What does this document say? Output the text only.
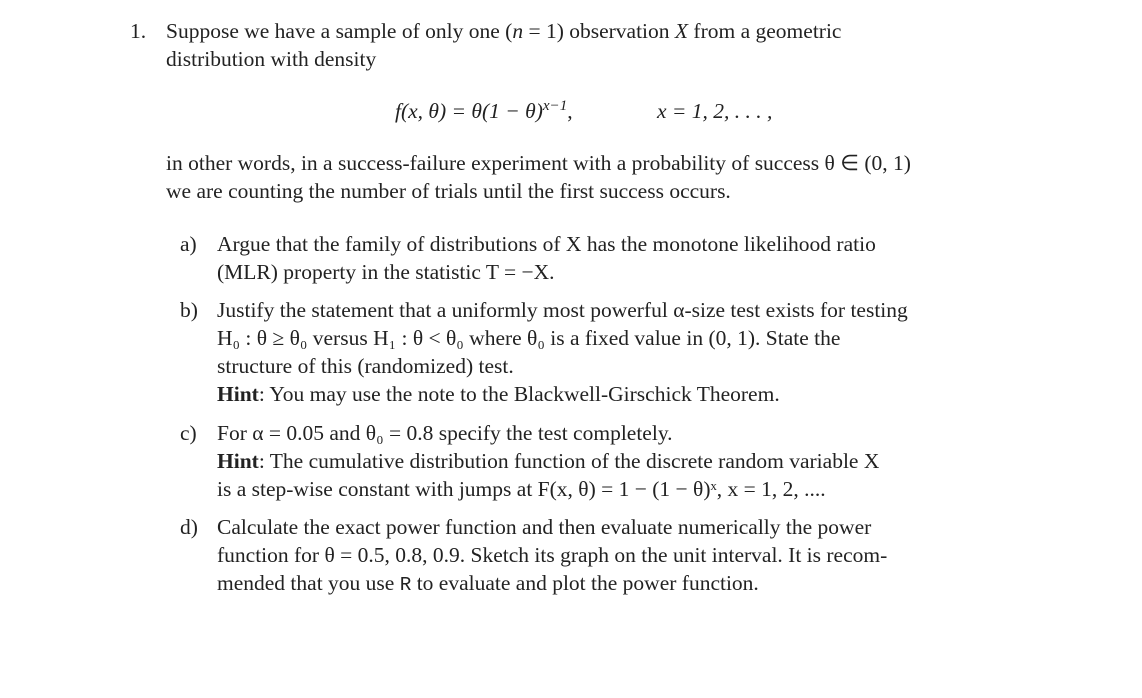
1. Suppose we have a sample of only one (n = 1) observation X from a geometric
distribution with density
f(x, $\theta) = \theta(1 - \theta)^{x-1}$,	x = 1, 2, . . . ,
in other words, in a success-failure experiment with a probability of success θ ∈ (0, 1)
we are counting the number of trials until the first success occurs.
a) Argue that the family of distributions of X has the monotone likelihood ratio
(MLR) property in the statistic T = −X.
b) Justify the statement that a uniformly most powerful α-size test exists for testing
H₀ : θ ≥ θ₀ versus H₁ : θ < θ₀ where θ₀ is a fixed value in (0, 1). State the
structure of this (randomized) test.
Hint: You may use the note to the Blackwell-Girschick Theorem.
c) For α = 0.05 and θ₀ = 0.8 specify the test completely.
Hint: The cumulative distribution function of the discrete random variable X
is a step-wise constant with jumps at F(x, θ) = 1 − (1 − θ)ˣ, x = 1, 2, ....
d) Calculate the exact power function and then evaluate numerically the power
function for θ = 0.5, 0.8, 0.9. Sketch its graph on the unit interval. It is recom-
mended that you use R to evaluate and plot the power function.
